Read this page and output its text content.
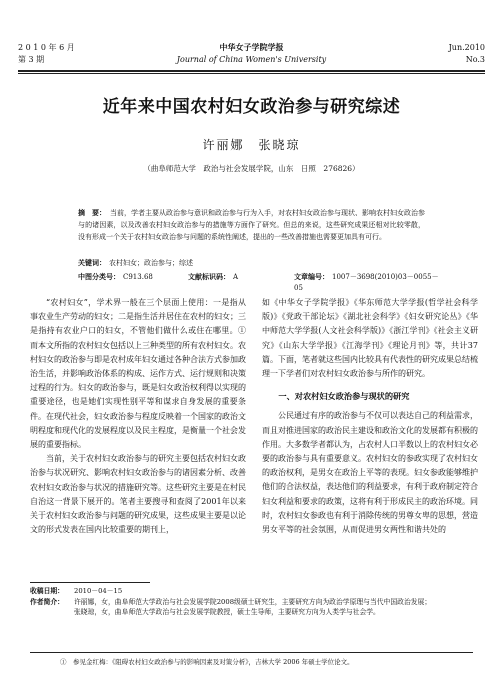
2 0 1 0 年 6 月
第 3 期
中华女子学院学报
Journal of China Women's University
Jun.2010
No.3
近年来中国农村妇女政治参与研究综述
许丽娜　张晓琼
（曲阜师范大学　政治与社会发展学院，山东　日照　276826）
摘　要： 当前，学者主要从政治参与意识和政治参与行为入手，对农村妇女政治参与现状、影响农村妇女政治参与的诸因素，以及改善农村妇女政治参与的措施等方面作了研究。但总的来说，这些研究成果还相对比较零散，没有形成一个关于农村妇女政治参与问题的系统性阐述，提出的一些改善措施也需要更加具有可行。
关键词： 农村妇女；政治参与；综述
中图分类号： C913.68	文献标识码： A	文章编号： 1007－3698(2010)03－0055－05

“农村妇女”，学术界一般在三个层面上使用：一是指从事农业生产劳动的妇女；二是指生活并居住在农村的妇女；三是指持有农业户口的妇女，不管他们做什么或住在哪里。① 而本文所指的农村妇女包括以上三种类型的所有农村妇女。农村妇女的政治参与即是农村成年妇女通过各种合法方式参加政治生活，并影响政治体系的构成、运作方式、运行规则和决策过程的行为。妇女的政治参与，既是妇女政治权利得以实现的重要途径，也是她们实现性别平等和谋求自身发展的重要条件。在现代社会，妇女政治参与程度反映着一个国家的政治文明程度和现代化的发展程度以及民主程度，是衡量一个社会发展的重要指标。

当前，关于农村妇女政治参与的研究主要包括农村妇女政治参与状况研究、影响农村妇女政治参与的诸因素分析、改善农村妇女政治参与状况的措施研究等。这些研究主要是在村民自治这一背景下展开的。笔者主要搜寻和查阅了2001年以来关于农村妇女政治参与问题的研究成果，这些成果主要是以论文的形式发表在国内比较重要的期刊上，

如《中华女子学院学报》《华东师范大学学报(哲学社会科学版)》《党政干部论坛》《湖北社会科学》《妇女研究论丛》《华中师范大学学报(人文社会科学版)》《浙江学刊》《社会主义研究》《山东大学学报》《江海学刊》《理论月刊》等，共计37篇。下面，笔者就这些国内比较具有代表性的研究成果总结梳理一下学者们对农村妇女政治参与所作的研究。

一、对农村妇女政治参与现状的研究

公民通过有序的政治参与不仅可以表达自己的利益需求，而且对推进国家的政治民主建设和政治文化的发展都有积极的作用。大多数学者都认为，占农村人口半数以上的农村妇女必要的政治参与具有重要意义。农村妇女的参政实现了农村妇女的政治权利，是男女在政治上平等的表现。妇女参政能够维护他们的合法权益，表达他们的利益要求，有利于政府制定符合妇女利益和要求的政策，这将有利于形成民主的政治环境。同时，农村妇女参政也有利于消除传统的男尊女卑的思想，营造男女平等的社会氛围，从而促进男女两性和谐共处的

收稿日期： 2010－04－15
作者简介： 许丽娜，女，曲阜师范大学政治与社会发展学院2008级硕士研究生，主要研究方向为政治学原理与当代中国政治发展；
张晓琼，女，曲阜师范大学政治与社会发展学院教授，硕士生导师，主要研究方向为人类学与社会学。
①　参见金红梅：《阻碍农村妇女政治参与的影响因素及对策分析》，吉林大学 2006 年硕士学位论文。
